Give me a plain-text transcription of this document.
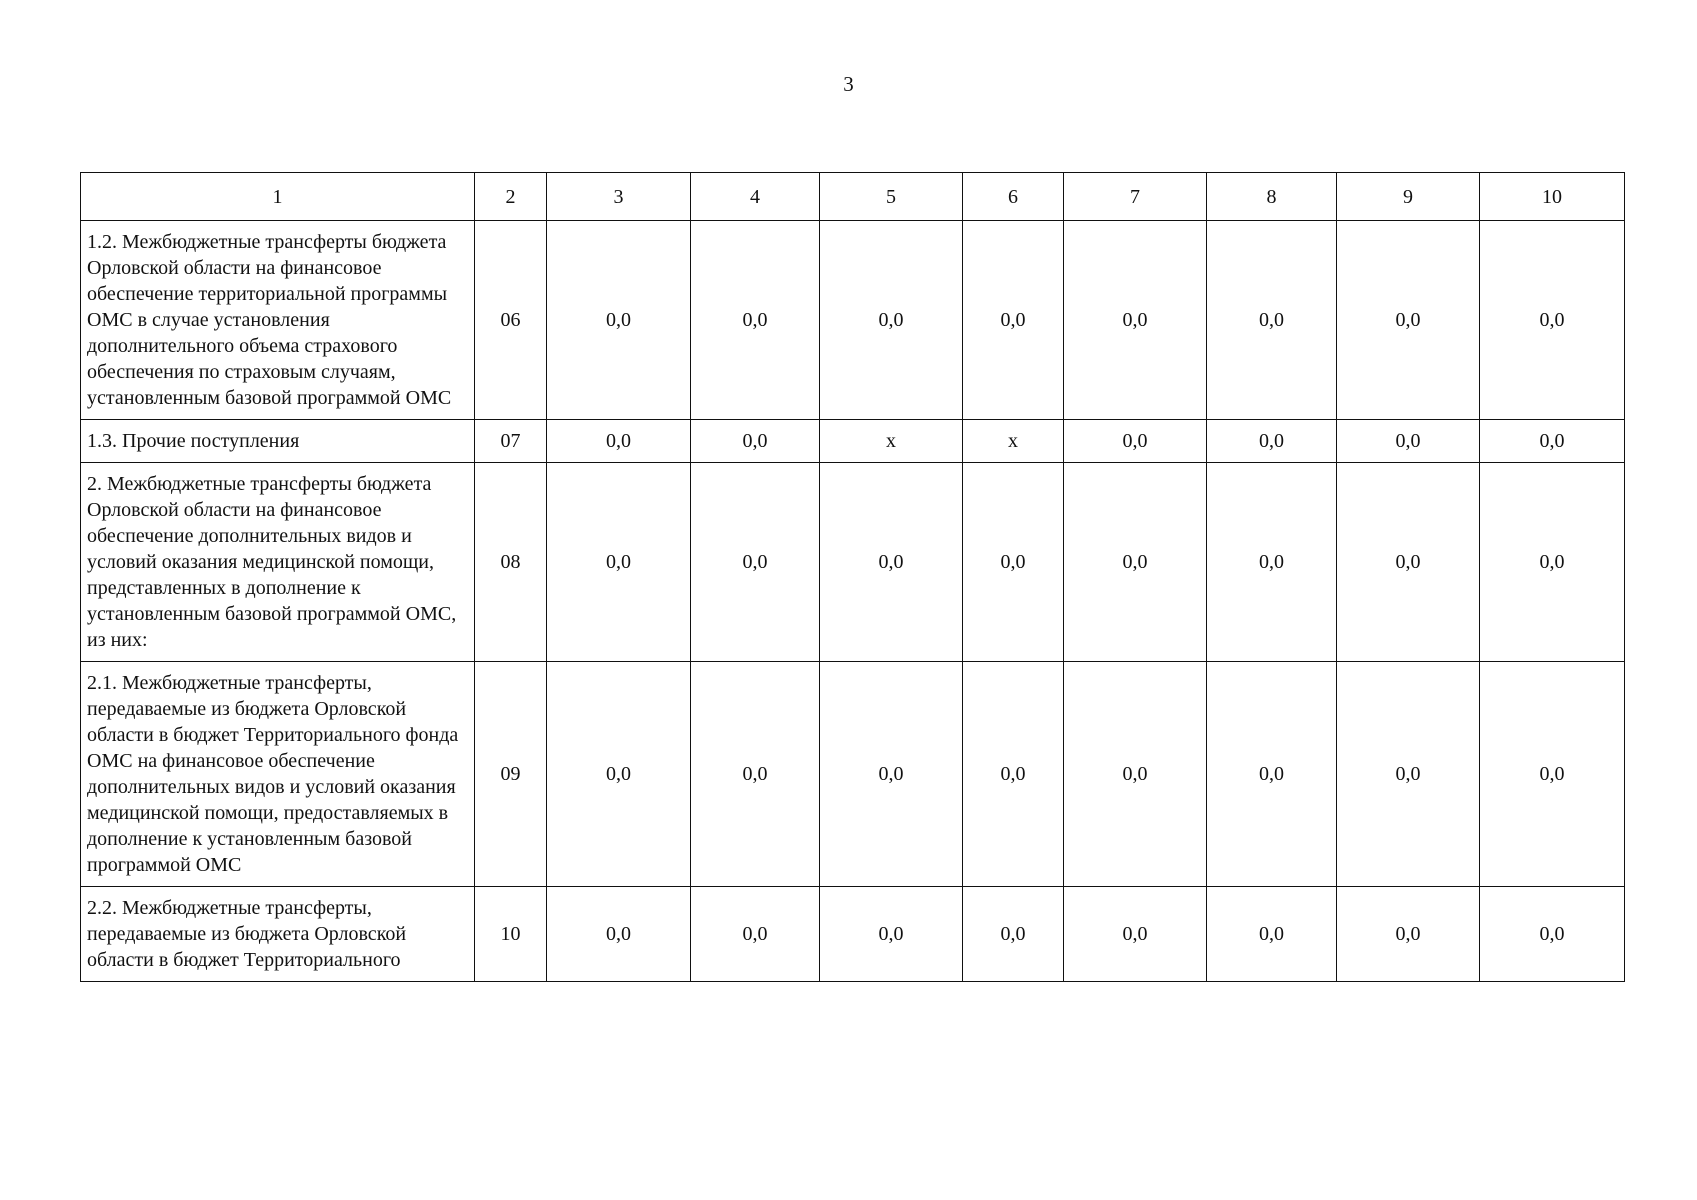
3
1	2	3	4	5	6	7	8	9	10
1.2. Межбюджетные трансферты бюджета Орловской области на финансовое обеспечение территориальной программы ОМС в случае установления дополнительного объема страхового обеспечения по страховым случаям, установленным базовой программой ОМС	06	0,0	0,0	0,0	0,0	0,0	0,0	0,0	0,0
1.3. Прочие поступления	07	0,0	0,0	x	x	0,0	0,0	0,0	0,0
2. Межбюджетные трансферты бюджета Орловской области на финансовое обеспечение дополнительных видов и условий оказания медицинской помощи, представленных в дополнение к установленным базовой программой ОМС, из них:	08	0,0	0,0	0,0	0,0	0,0	0,0	0,0	0,0
2.1. Межбюджетные трансферты, передаваемые из бюджета Орловской области в бюджет Территориального фонда ОМС на финансовое обеспечение дополнительных видов и условий оказания медицинской помощи, предоставляемых в дополнение к установленным базовой программой ОМС	09	0,0	0,0	0,0	0,0	0,0	0,0	0,0	0,0
2.2. Межбюджетные трансферты, передаваемые из бюджета Орловской области в бюджет Территориального	10	0,0	0,0	0,0	0,0	0,0	0,0	0,0	0,0
